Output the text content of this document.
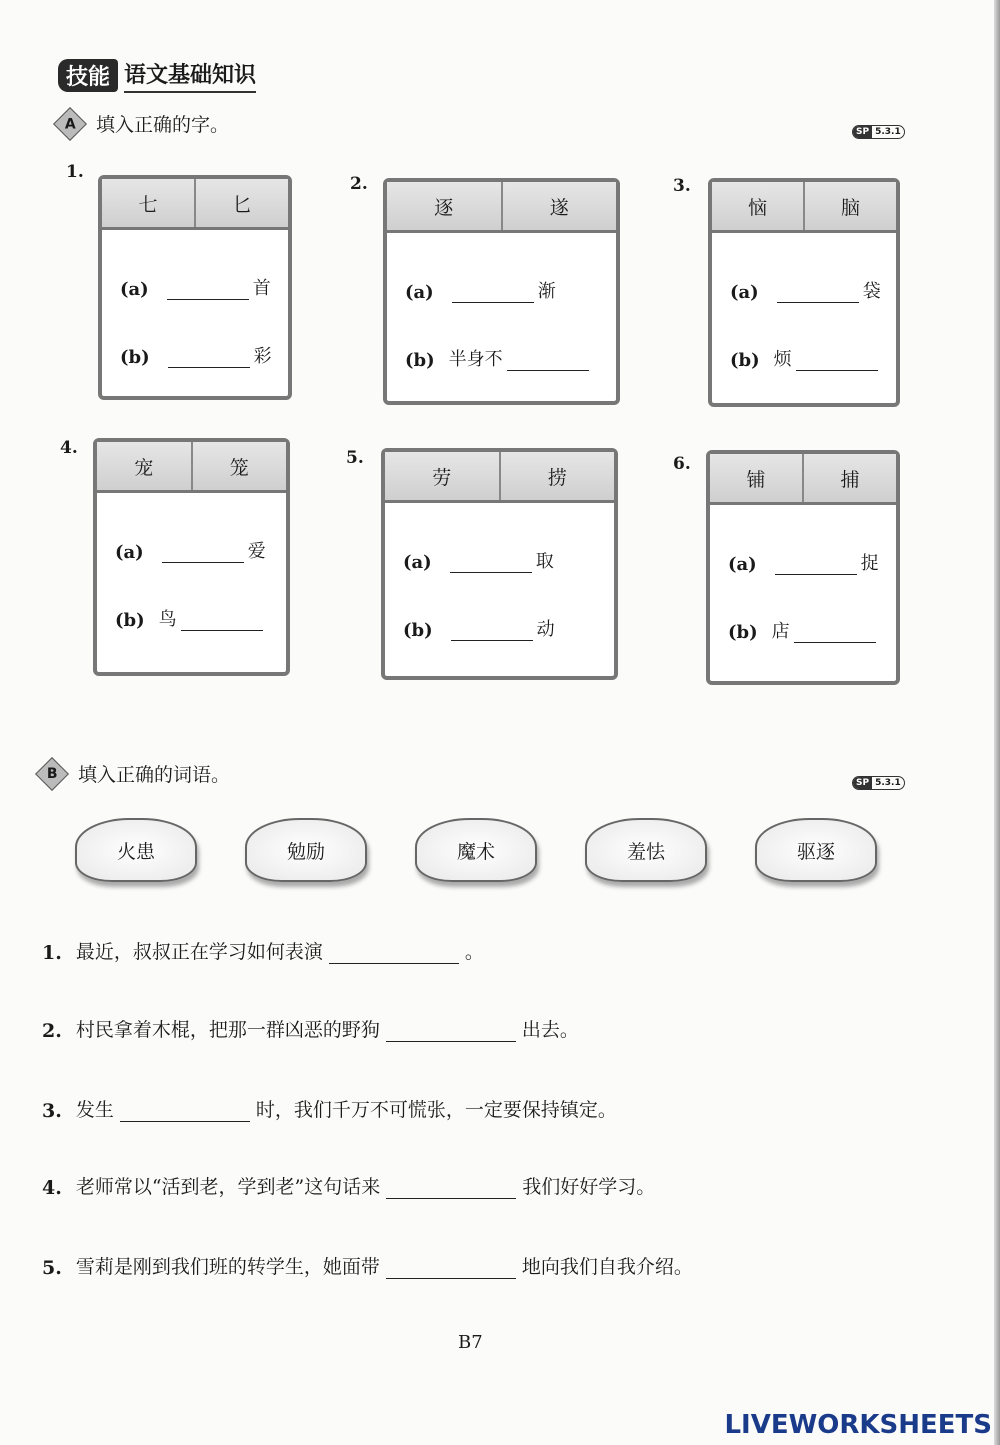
技能 语文基础知识
A 填入正确的字。	SP 5.3.1
1.
七	匕
(a)	首
(b)	彩
2.
逐	遂
(a)	渐
(b) 半身不
3.
恼	脑
(a)	袋
(b) 烦
4.
宠	笼
(a)	爱
(b) 鸟
5.
劳	捞
(a)	取
(b)	动
6.
铺	捕
(a)	捉
(b) 店
B 填入正确的词语。	SP 5.3.1
火患	勉励	魔术	羞怯	驱逐
1. 最近，叔叔正在学习如何表演	。
2. 村民拿着木棍，把那一群凶恶的野狗	出去。
3. 发生	时，我们千万不可慌张，一定要保持镇定。
4. 老师常以“活到老，学到老”这句话来	我们好好学习。
5. 雪莉是刚到我们班的转学生，她面带	地向我们自我介绍。
B7
LIVEWORKSHEETS
